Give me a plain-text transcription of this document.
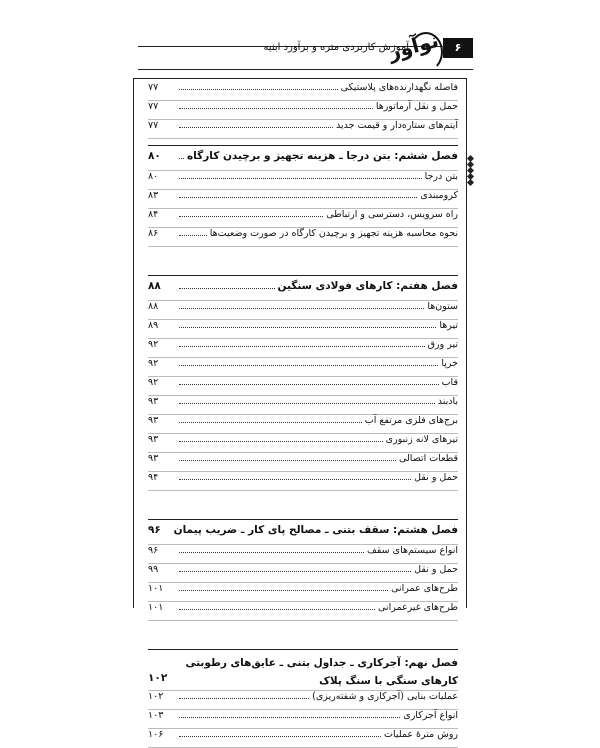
۶
نوآور
آموزش کاربردی متره و برآورد ابنیه
فاصله نگهدارنده‌های پلاستیکی
۷۷
حمل و نقل آرماتورها
۷۷
آیتم‌های ستاره‌دار و قیمت جدید
۷۷
فصل ششم: بتن درجا ـ هزینه تجهیز و برچیدن کارگاه
۸۰
بتن درجا
۸۰
کرومبندی
۸۳
راه سرویس، دسترسی و ارتباطی
۸۴
نحوه محاسبه هزینه تجهیز و برچیدن کارگاه در صورت وضعیت‌ها
۸۶
فصل هفتم: کارهای فولادی سنگین
۸۸
ستون‌ها
۸۸
تیرها
۸۹
تیر ورق
۹۲
خرپا
۹۲
قاب
۹۲
بادبند
۹۳
برج‌های فلزی مرتفع آب
۹۳
تیرهای لانه زنبوری
۹۳
قطعات اتصالی
۹۳
حمل و نقل
۹۴
فصل هشتم: سقف بتنی ـ مصالح پای کار ـ ضریب پیمان
۹۶
انواع سیستم‌های سقف
۹۶
حمل و نقل
۹۹
طرح‌های عمرانی
۱۰۱
طرح‌های غیرعمرانی
۱۰۱
فصل نهم: آجرکاری ـ جداول بتنی ـ عایق‌های رطوبتی کارهای سنگی با سنگ پلاک
۱۰۲
عملیات بنایی (آجرکاری و شفته‌ریزی)
۱۰۲
انواع آجرکاری
۱۰۳
روش مترهٔ عملیات
۱۰۶
